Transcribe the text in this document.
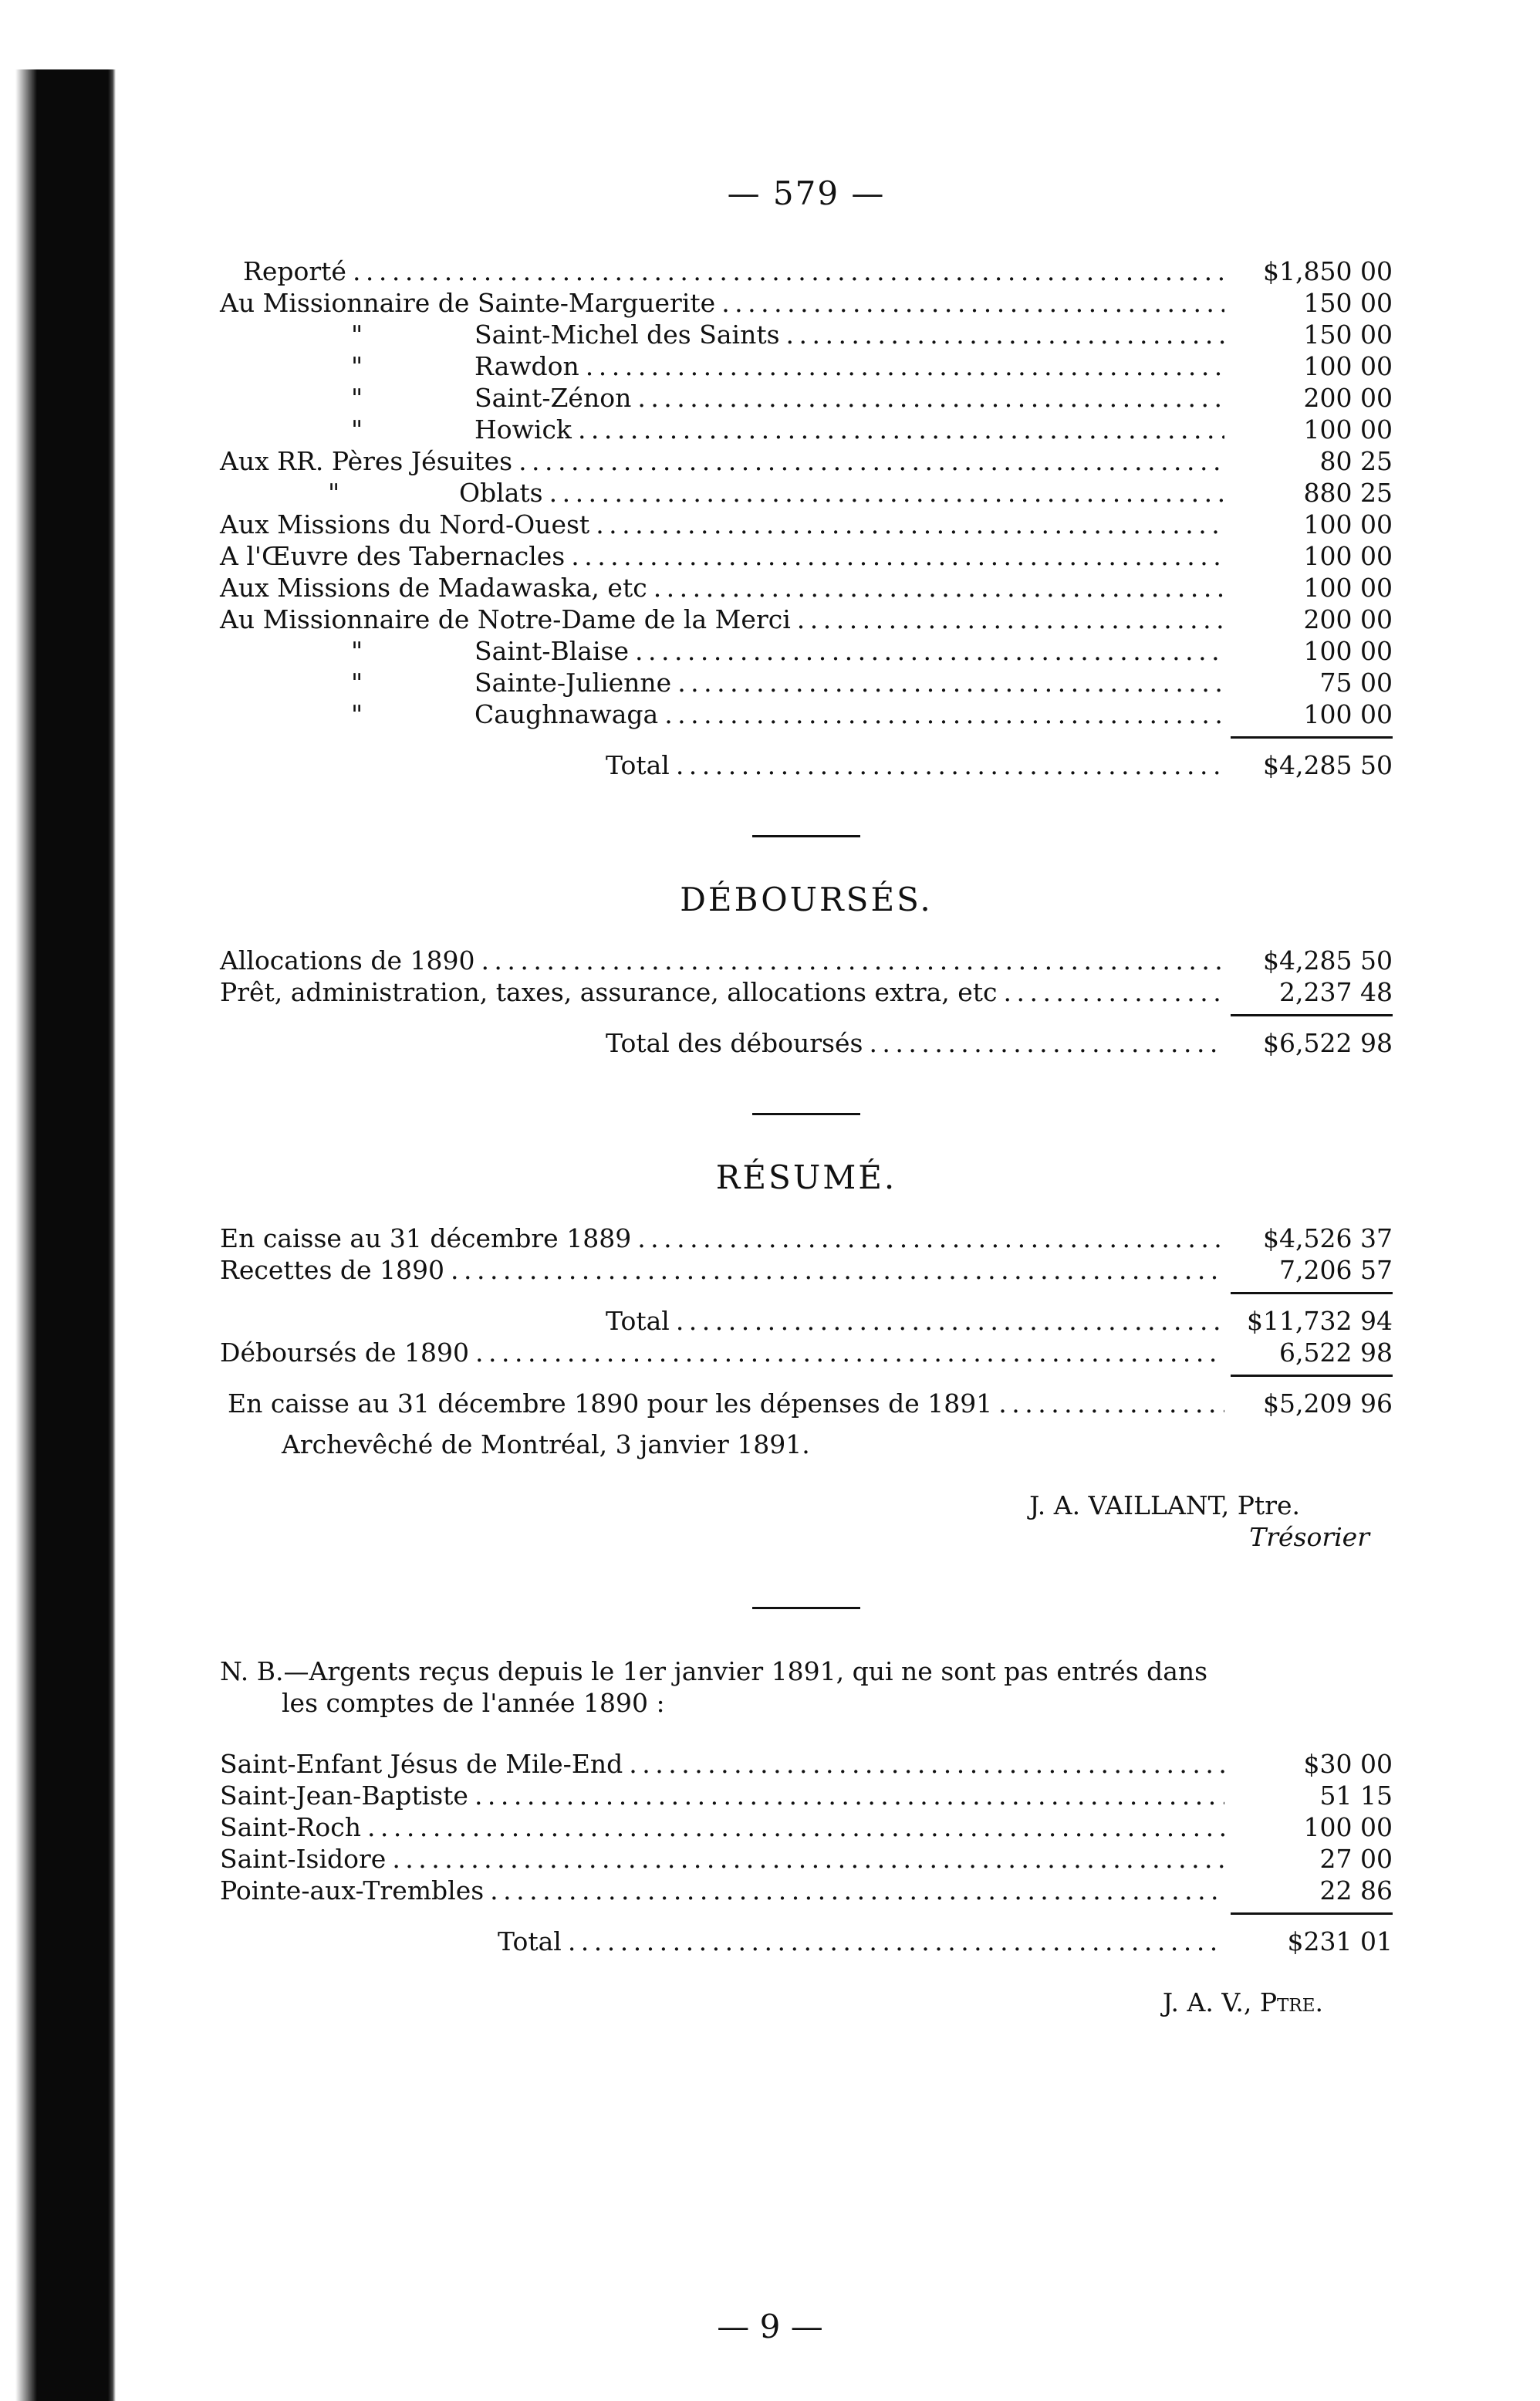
— 579 —
Reporté . . .	$1,850 00
Au Missionnaire de Sainte-Marguerite . . .	150 00
"	Saint-Michel des Saints . . .	150 00
"	Rawdon . . .	100 00
"	Saint-Zénon . . .	200 00
"	Howick . . .	100 00
Aux RR. Pères Jésuites . . .	80 25
"	Oblats . . .	880 25
Aux Missions du Nord-Ouest . . .	100 00
A l'Œuvre des Tabernacles . . .	100 00
Aux Missions de Madawaska, etc . . .	100 00
Au Missionnaire de Notre-Dame de la Merci . . .	200 00
"	Saint-Blaise . . .	100 00
"	Sainte-Julienne . . .	75 00
"	Caughnawaga . . .	100 00
Total . . .	$4,285 50
DÉBOURSÉS.
Allocations de 1890 . . .	$4,285 50
Prêt, administration, taxes, assurance, allocations extra, etc . . .	2,237 48
Total des déboursés . . .	$6,522 98
RÉSUMÉ.
En caisse au 31 décembre 1889 . . .	$4,526 37
Recettes de 1890 . . .	7,206 57
Total . . .	$11,732 94
Déboursés de 1890 . . .	6,522 98
En caisse au 31 décembre 1890 pour les dépenses de 1891 . . .	$5,209 96
Archevêché de Montréal, 3 janvier 1891.
J. A. VAILLANT, Ptre.
Trésorier
N. B.—Argents reçus depuis le 1er janvier 1891, qui ne sont pas entrés dans
les comptes de l'année 1890 :
Saint-Enfant Jésus de Mile-End . . .	$30 00
Saint-Jean-Baptiste . . .	51 15
Saint-Roch . . .	100 00
Saint-Isidore . . .	27 00
Pointe-aux-Trembles . . .	22 86
Total . . .	$231 01
J. A. V., Ptre.
— 9 —
